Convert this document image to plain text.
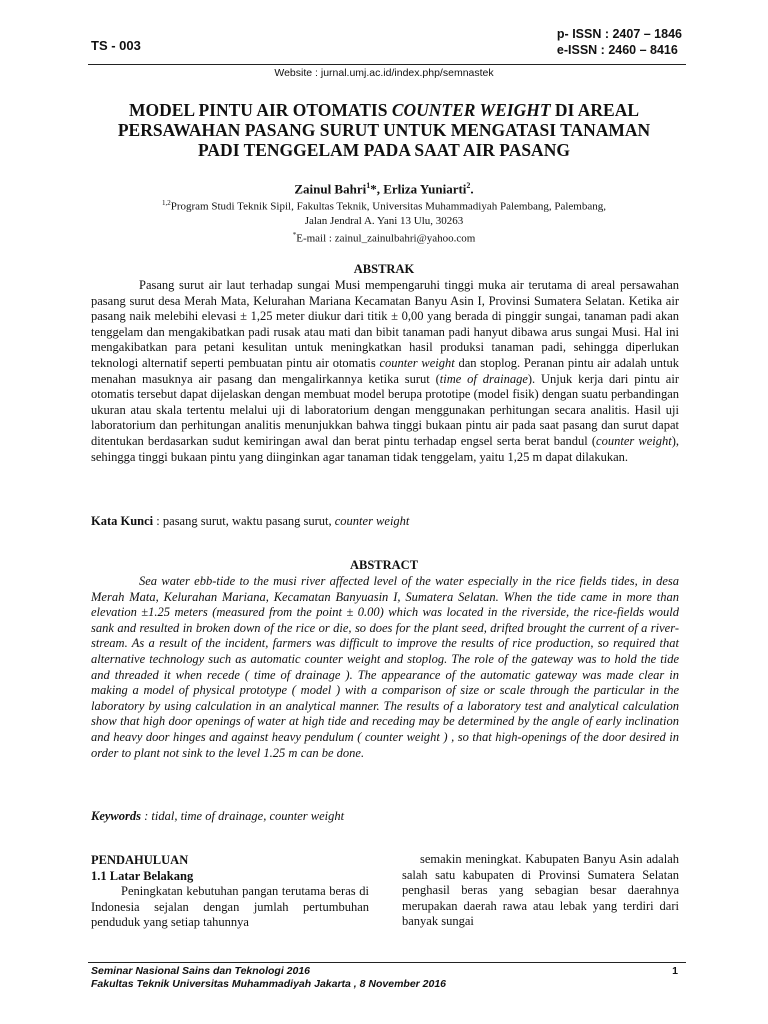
TS - 003
p- ISSN : 2407 – 1846
e-ISSN : 2460 – 8416
Website : jurnal.umj.ac.id/index.php/semnastek
MODEL PINTU AIR OTOMATIS COUNTER WEIGHT DI AREAL PERSAWAHAN PASANG SURUT UNTUK MENGATASI TANAMAN PADI TENGGELAM PADA SAAT AIR PASANG
Zainul Bahri$^1$*, Erliza Yuniarti$^2$.
$^{1,2}$Program Studi Teknik Sipil, Fakultas Teknik, Universitas Muhammadiyah Palembang, Palembang,
Jalan Jendral A. Yani 13 Ulu, 30263
*E-mail : zainul_zainulbahri@yahoo.com
ABSTRAK

Pasang surut air laut terhadap sungai Musi mempengaruhi tinggi muka air terutama di areal persawahan pasang surut desa Merah Mata, Kelurahan Mariana Kecamatan Banyu Asin I, Provinsi Sumatera Selatan. Ketika air pasang naik melebihi elevasi ± 1,25 meter diukur dari titik ± 0,00 yang berada di pinggir sungai, tanaman padi akan tenggelam dan mengakibatkan padi rusak atau mati dan bibit tanaman padi hanyut dibawa arus sungai Musi. Hal ini mengakibatkan para petani kesulitan untuk meningkatkan hasil produksi tanaman padi, sehingga diperlukan teknologi alternatif seperti pembuatan pintu air otomatis counter weight dan stoplog. Peranan pintu air adalah untuk menahan masuknya air pasang dan mengalirkannya ketika surut (time of drainage). Unjuk kerja dari pintu air otomatis tersebut dapat dijelaskan dengan membuat model berupa prototipe (model fisik) dengan suatu perbandingan ukuran atau skala tertentu melalui uji di laboratorium dengan menggunakan perhitungan secara analitis. Hasil uji laboratorium dan perhitungan analitis menunjukkan bahwa tinggi bukaan pintu air pada saat pasang dan surut dapat ditentukan berdasarkan sudut kemiringan awal dan berat pintu terhadap engsel serta berat bandul (counter weight), sehingga tinggi bukaan pintu yang diinginkan agar tanaman tidak tenggelam, yaitu 1,25 m dapat dilakukan.

Kata Kunci : pasang surut, waktu pasang surut, counter weight
ABSTRACT

Sea water ebb-tide to the musi river affected level of the water especially in the rice fields tides, in desa Merah Mata, Kelurahan Mariana, Kecamatan Banyuasin I, Sumatera Selatan. When the tide came in more than elevation ±1.25 meters (measured from the point ± 0.00) which was located in the riverside, the rice-fields would sank and resulted in broken down of the rice or die, so does for the plant seed, drifted brought the current of a river-stream. As a result of the incident, farmers was difficult to improve the results of rice production, so required that alternative technology such as automatic counter weight and stoplog. The role of the gateway was to hold the tide and threaded it when recede ( time of drainage ). The appearance of the automatic gateway was made clear in making a model of physical prototype ( model ) with a comparison of size or scale through the particular in the laboratory by using calculation in an analytical manner. The results of a laboratory test and analytical calculation show that high door openings of water at high tide and receding may be determined by the angle of early inclination and heavy door hinges and against heavy pendulum ( counter weight ) , so that high-openings of the door desired in order to plant not sink to the level 1.25 m can be done.

Keywords : tidal, time of drainage, counter weight
PENDAHULUAN
1.1 Latar Belakang

Peningkatan kebutuhan pangan terutama beras di Indonesia sejalan dengan jumlah pertumbuhan penduduk yang setiap tahunnya

semakin meningkat. Kabupaten Banyu Asin adalah salah satu kabupaten di Provinsi Sumatera Selatan penghasil beras yang sebagian besar daerahnya merupakan daerah rawa atau lebak yang terdiri dari banyak sungai

Seminar Nasional Sains dan Teknologi 2016
Fakultas Teknik Universitas Muhammadiyah Jakarta , 8 November 2016
1
